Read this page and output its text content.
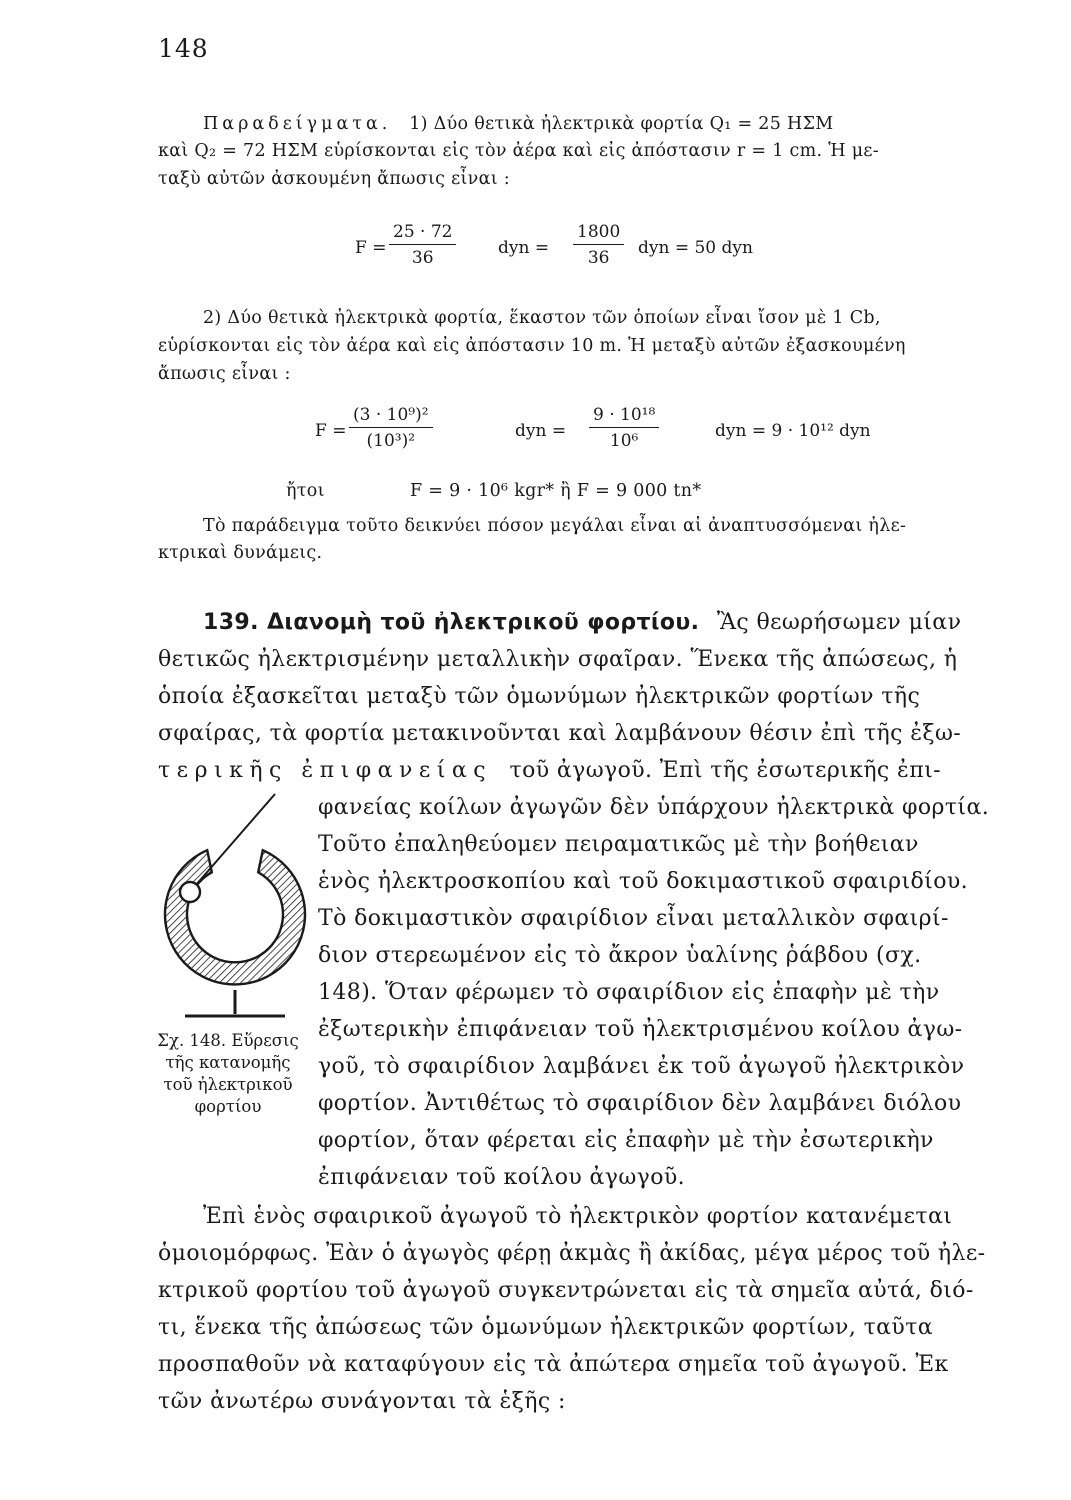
148
Παραδείγματα. 1) Δύο θετικὰ ἠλεκτρικὰ φορτία Q₁ = 25 ΗΣΜ
καὶ Q₂ = 72 ΗΣΜ εὑρίσκονται εἰς τὸν ἀέρα καὶ εἰς ἀπόστασιν r = 1 cm. Ἡ με-
ταξὺ αὐτῶν ἀσκουμένη ἄπωσις εἶναι :
$F = \frac{25 \cdot 72}{36}$ dyn = $\frac{1800}{36}$ dyn = 50 dyn
2) Δύο θετικὰ ἠλεκτρικὰ φορτία, ἕκαστον τῶν ὁποίων εἶναι ἴσον μὲ 1 Cb,
εὑρίσκονται εἰς τὸν ἀέρα καὶ εἰς ἀπόστασιν 10 m. Ἡ μεταξὺ αὐτῶν ἐξασκουμένη
ἄπωσις εἶναι :
$F = \frac{\text{(3 · 10⁹)²}}{\text{(10³)²}}$	dyn = $\frac{\text{9 · 10¹⁸}}{\text{10⁶}}$	dyn = 9 · 10¹² dyn
ἤτοι	F = 9 · 10⁶ kgr* ἢ F = 9 000 tn*
Τὸ παράδειγμα τοῦτο δεικνύει πόσον μεγάλαι εἶναι αἱ ἀναπτυσσόμεναι ἠλε-
κτρικαὶ δυνάμεις.
139. Διανομὴ τοῦ ἠλεκτρικοῦ φορτίου. Ἂς θεωρήσωμεν μίαν
θετικῶς ἠλεκτρισμένην μεταλλικὴν σφαῖραν. Ἕνεκα τῆς ἀπώσεως, ἡ
ὁποία ἐξασκεῖται μεταξὺ τῶν ὁμωνύμων ἠλεκτρικῶν φορτίων τῆς
σφαίρας, τὰ φορτία μετακινοῦνται καὶ λαμβάνουν θέσιν ἐπὶ τῆς ἐξω-
τερικῆς ἐπιφανείας τοῦ ἀγωγοῦ. Ἐπὶ τῆς ἐσωτερικῆς ἐπι-
φανείας κοίλων ἀγωγῶν δὲν ὑπάρχουν ἠλεκτρικὰ φορτία.
Τοῦτο ἐπαληθεύομεν πειραματικῶς μὲ τὴν βοήθειαν
ἑνὸς ἠλεκτροσκοπίου καὶ τοῦ δοκιμαστικοῦ σφαιριδίου.
Τὸ δοκιμαστικὸν σφαιρίδιον εἶναι μεταλλικὸν σφαιρί-
διον στερεωμένον εἰς τὸ ἄκρον ὑαλίνης ῥάβδου (σχ.
148). Ὅταν φέρωμεν τὸ σφαιρίδιον εἰς ἐπαφὴν μὲ τὴν
ἐξωτερικὴν ἐπιφάνειαν τοῦ ἠλεκτρισμένου κοίλου ἀγω-
γοῦ, τὸ σφαιρίδιον λαμβάνει ἐκ τοῦ ἀγωγοῦ ἠλεκτρικὸν
φορτίον. Ἀντιθέτως τὸ σφαιρίδιον δὲν λαμβάνει διόλου
φορτίον, ὅταν φέρεται εἰς ἐπαφὴν μὲ τὴν ἐσωτερικὴν
ἐπιφάνειαν τοῦ κοίλου ἀγωγοῦ.
Ἐπὶ ἑνὸς σφαιρικοῦ ἀγωγοῦ τὸ ἠλεκτρικὸν φορτίον κατανέμεται
ὁμοιομόρφως. Ἐὰν ὁ ἀγωγὸς φέρῃ ἀκμὰς ἢ ἀκίδας, μέγα μέρος τοῦ ἠλε-
κτρικοῦ φορτίου τοῦ ἀγωγοῦ συγκεντρώνεται εἰς τὰ σημεῖα αὐτά, διό-
τι, ἕνεκα τῆς ἀπώσεως τῶν ὁμωνύμων ἠλεκτρικῶν φορτίων, ταῦτα
προσπαθοῦν νὰ καταφύγουν εἰς τὰ ἀπώτερα σημεῖα τοῦ ἀγωγοῦ. Ἐκ
τῶν ἀνωτέρω συνάγονται τὰ ἑξῆς :
Σχ. 148. Εὕρεσις
τῆς κατανομῆς
τοῦ ἠλεκτρικοῦ
φορτίου
